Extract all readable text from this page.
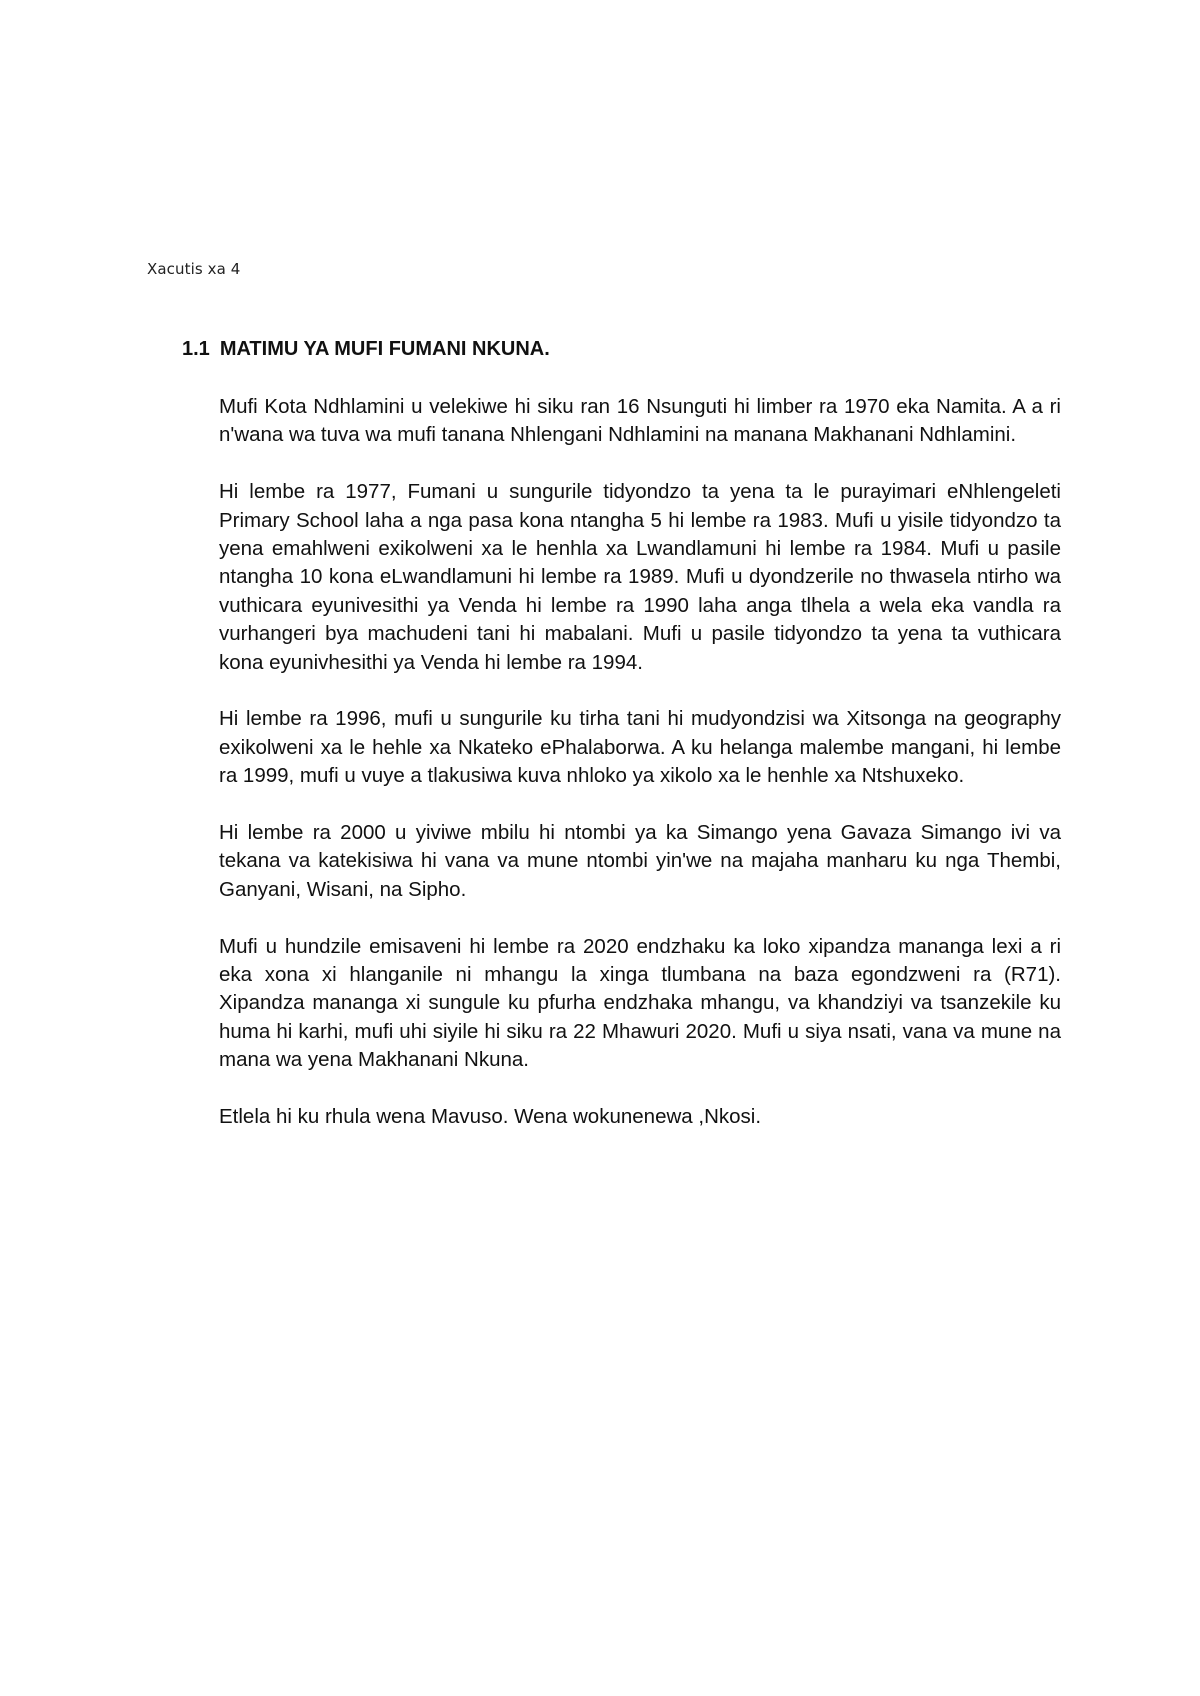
Xacutis xa 4
1.1 MATIMU YA MUFI FUMANI NKUNA.

Mufi Kota Ndhlamini u velekiwe hi siku ran 16 Nsunguti hi limber ra 1970 eka Namita. A a ri n'wana wa tuva wa mufi tanana Nhlengani Ndhlamini na manana Makhanani Ndhlamini.

Hi lembe ra 1977, Fumani u sungurile tidyondzo ta yena ta le purayimari eNhlengeleti Primary School laha a nga pasa kona ntangha 5 hi lembe ra 1983. Mufi u yisile tidyondzo ta yena emahlweni exikolweni xa le henhla xa Lwandlamuni hi lembe ra 1984. Mufi u pasile ntangha 10 kona eLwandlamuni hi lembe ra 1989. Mufi u dyondzerile no thwasela ntirho wa vuthicara eyunivesithi ya Venda hi lembe ra 1990 laha anga tlhela a wela eka vandla ra vurhangeri bya machudeni tani hi mabalani. Mufi u pasile tidyondzo ta yena ta vuthicara kona eyunivhesithi ya Venda hi lembe ra 1994.

Hi lembe ra 1996, mufi u sungurile ku tirha tani hi mudyondzisi wa Xitsonga na geography exikolweni xa le hehle xa Nkateko ePhalaborwa. A ku helanga malembe mangani, hi lembe ra 1999, mufi u vuye a tlakusiwa kuva nhloko ya xikolo xa le henhle xa Ntshuxeko.

Hi lembe ra 2000 u yiviwe mbilu hi ntombi ya ka Simango yena Gavaza Simango ivi va tekana va katekisiwa hi vana va mune ntombi yin'we na majaha manharu ku nga Thembi, Ganyani, Wisani, na Sipho.

Mufi u hundzile emisaveni hi lembe ra 2020 endzhaku ka loko xipandza mananga lexi a ri eka xona xi hlanganile ni mhangu la xinga tlumbana na baza egondzweni ra (R71). Xipandza mananga xi sungule ku pfurha endzhaka mhangu, va khandziyi va tsanzekile ku huma hi karhi, mufi uhi siyile hi siku ra 22 Mhawuri 2020. Mufi u siya nsati, vana va mune na mana wa yena Makhanani Nkuna.

Etlela hi ku rhula wena Mavuso. Wena wokunenewa ,Nkosi.
